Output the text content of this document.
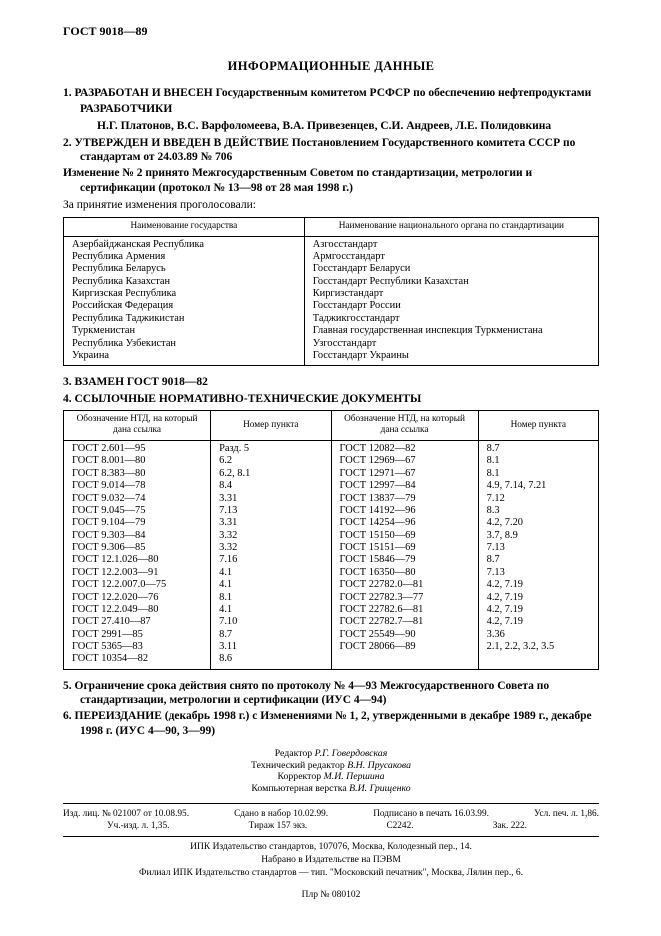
ГОСТ 9018—89
ИНФОРМАЦИОННЫЕ ДАННЫЕ

1. РАЗРАБОТАН И ВНЕСЕН Государственным комитетом РСФСР по обеспечению нефтепродуктами

РАЗРАБОТЧИКИ

Н.Г. Платонов, В.С. Варфоломеева, В.А. Привезенцев, С.И. Андреев, Л.Е. Полидовкина

2. УТВЕРЖДЕН И ВВЕДЕН В ДЕЙСТВИЕ Постановлением Государственного комитета СССР по стандартам от 24.03.89 № 706

Изменение № 2 принято Межгосударственным Советом по стандартизации, метрологии и сертификации (протокол № 13—98 от 28 мая 1998 г.)

За принятие изменения проголосовали:

Наименование государства	Наименование национального органа по стандартизации
Азербайджанская Республика	Азгосстандарт
Республика Армения	Армгосстандарт
Республика Беларусь	Госстандарт Беларуси
Республика Казахстан	Госстандарт Республики Казахстан
Киргизская Республика	Киргизстандарт
Российская Федерация	Госстандарт России
Республика Таджикистан	Таджикгосстандарт
Туркменистан	Главная государственная инспекция Туркменистана
Республика Узбекистан	Узгосстандарт
Украина	Госстандарт Украины

3. ВЗАМЕН ГОСТ 9018—82

4. ССЫЛОЧНЫЕ НОРМАТИВНО-ТЕХНИЧЕСКИЕ ДОКУМЕНТЫ

Обозначение НТД, на который дана ссылка	Номер пункта	Обозначение НТД, на который дана ссылка	Номер пункта
ГОСТ 2.601—95	Разд. 5	ГОСТ 12082—82	8.7
ГОСТ 8.001—80	6.2	ГОСТ 12969—67	8.1
ГОСТ 8.383—80	6.2, 8.1	ГОСТ 12971—67	8.1
ГОСТ 9.014—78	8.4	ГОСТ 12997—84	4.9, 7.14, 7.21
ГОСТ 9.032—74	3.31	ГОСТ 13837—79	7.12
ГОСТ 9.045—75	7.13	ГОСТ 14192—96	8.3
ГОСТ 9.104—79	3.31	ГОСТ 14254—96	4.2, 7.20
ГОСТ 9.303—84	3.32	ГОСТ 15150—69	3.7, 8.9
ГОСТ 9.306—85	3.32	ГОСТ 15151—69	7.13
ГОСТ 12.1.026—80	7.16	ГОСТ 15846—79	8.7
ГОСТ 12.2.003—91	4.1	ГОСТ 16350—80	7.13
ГОСТ 12.2.007.0—75	4.1	ГОСТ 22782.0—81	4.2, 7.19
ГОСТ 12.2.020—76	8.1	ГОСТ 22782.3—77	4.2, 7.19
ГОСТ 12.2.049—80	4.1	ГОСТ 22782.6—81	4.2, 7.19
ГОСТ 27.410—87	7.10	ГОСТ 22782.7—81	4.2, 7.19
ГОСТ 2991—85	8.7	ГОСТ 25549—90	3.36
ГОСТ 5365—83	3.11	ГОСТ 28066—89	2.1, 2.2, 3.2, 3.5
ГОСТ 10354—82	8.6		

5. Ограничение срока действия снято по протоколу № 4—93 Межгосударственного Совета по стандартизации, метрологии и сертификации (ИУС 4—94)

6. ПЕРЕИЗДАНИЕ (декабрь 1998 г.) с Изменениями № 1, 2, утвержденными в декабре 1989 г., декабре 1998 г. (ИУС 4—90, 3—99)

Редактор Р.Г. Говердовская
Технический редактор В.Н. Прусакова
Корректор М.И. Першина
Компьютерная верстка В.И. Грищенко
Изд. лиц. № 021007 от 10.08.95.	Сдано в набор 10.02.99.	Подписано в печать 16.03.99.	Усл. печ. л. 1,86.
Уч.-изд. л. 1,35.	Тираж 157 экз.	С2242.	Зак. 222.
ИПК Издательство стандартов, 107076, Москва, Колодезный пер., 14.
Набрано в Издательстве на ПЭВМ
Филиал ИПК Издательство стандартов — тип. "Московский печатник", Москва, Лялин пер., 6.
Плр № 080102
